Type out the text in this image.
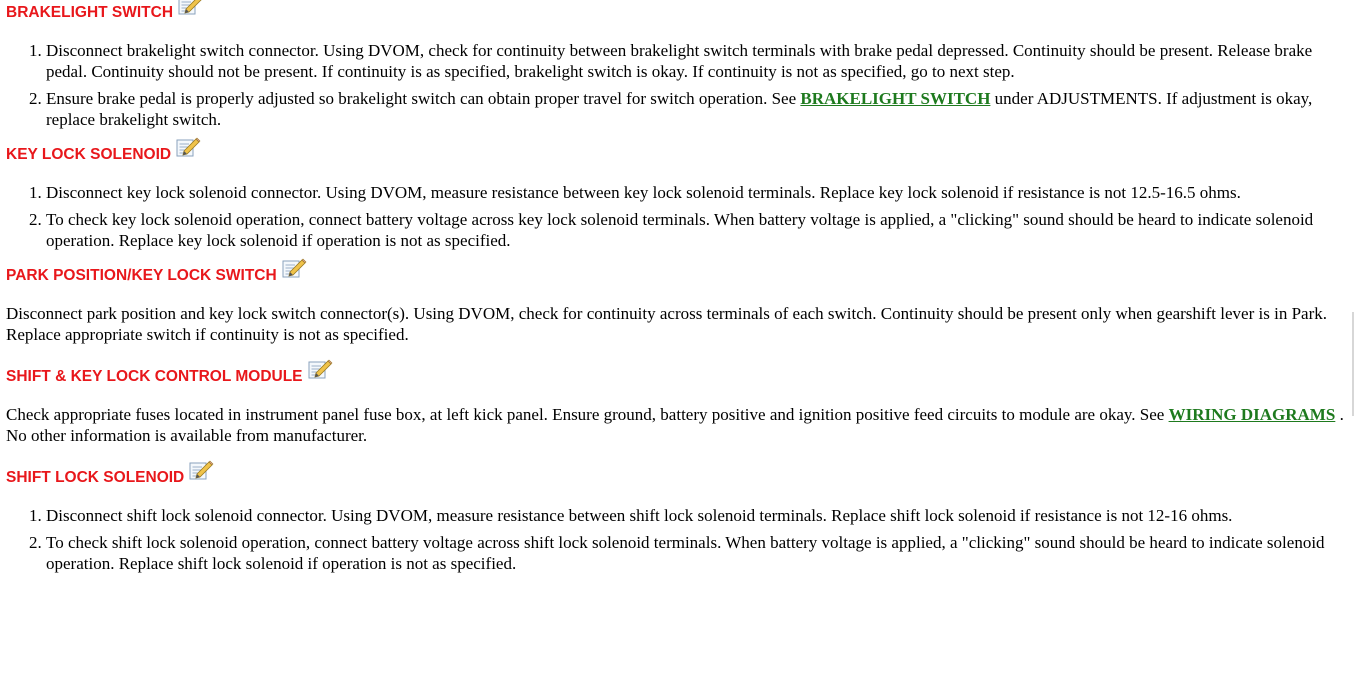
BRAKELIGHT SWITCH
1. Disconnect brakelight switch connector. Using DVOM, check for continuity between brakelight switch terminals with brake pedal depressed. Continuity should be present. Release brake pedal. Continuity should not be present. If continuity is as specified, brakelight switch is okay. If continuity is not as specified, go to next step.
2. Ensure brake pedal is properly adjusted so brakelight switch can obtain proper travel for switch operation. See BRAKELIGHT SWITCH under ADJUSTMENTS. If adjustment is okay, replace brakelight switch.
KEY LOCK SOLENOID
1. Disconnect key lock solenoid connector. Using DVOM, measure resistance between key lock solenoid terminals. Replace key lock solenoid if resistance is not 12.5-16.5 ohms.
2. To check key lock solenoid operation, connect battery voltage across key lock solenoid terminals. When battery voltage is applied, a "clicking" sound should be heard to indicate solenoid operation. Replace key lock solenoid if operation is not as specified.
PARK POSITION/KEY LOCK SWITCH

Disconnect park position and key lock switch connector(s). Using DVOM, check for continuity across terminals of each switch. Continuity should be present only when gearshift lever is in Park. Replace appropriate switch if continuity is not as specified.

SHIFT & KEY LOCK CONTROL MODULE

Check appropriate fuses located in instrument panel fuse box, at left kick panel. Ensure ground, battery positive and ignition positive feed circuits to module are okay. See WIRING DIAGRAMS . No other information is available from manufacturer.

SHIFT LOCK SOLENOID
1. Disconnect shift lock solenoid connector. Using DVOM, measure resistance between shift lock solenoid terminals. Replace shift lock solenoid if resistance is not 12-16 ohms.
2. To check shift lock solenoid operation, connect battery voltage across shift lock solenoid terminals. When battery voltage is applied, a "clicking" sound should be heard to indicate solenoid operation. Replace shift lock solenoid if operation is not as specified.
